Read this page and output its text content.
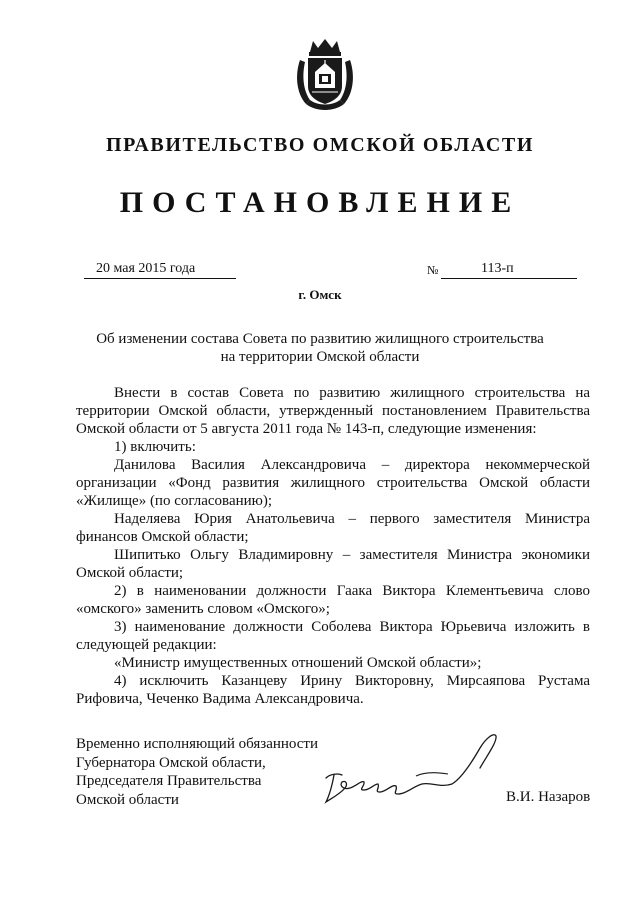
ПРАВИТЕЛЬСТВО ОМСКОЙ ОБЛАСТИ
ПОСТАНОВЛЕНИЕ
20 мая 2015 года	№	113-п
г. Омск
Об изменении состава Совета по развитию жилищного строительства на территории Омской области

Внести в состав Совета по развитию жилищного строительства на территории Омской области, утвержденный постановлением Правительства Омской области от 5 августа 2011 года № 143-п, следующие изменения:

1) включить:

Данилова Василия Александровича – директора некоммерческой организации «Фонд развития жилищного строительства Омской области «Жилище» (по согласованию);

Наделяева Юрия Анатольевича – первого заместителя Министра финансов Омской области;

Шипитько Ольгу Владимировну – заместителя Министра экономики Омской области;

2) в наименовании должности Гаака Виктора Клементьевича слово «омского» заменить словом «Омского»;

3) наименование должности Соболева Виктора Юрьевича изложить в следующей редакции:

«Министр имущественных отношений Омской области»;

4) исключить Казанцеву Ирину Викторовну, Мирсаяпова Рустама Рифовича, Чеченко Вадима Александровича.

Временно исполняющий обязанности
Губернатора Омской области,
Председателя Правительства
Омской области	В.И. Назаров
